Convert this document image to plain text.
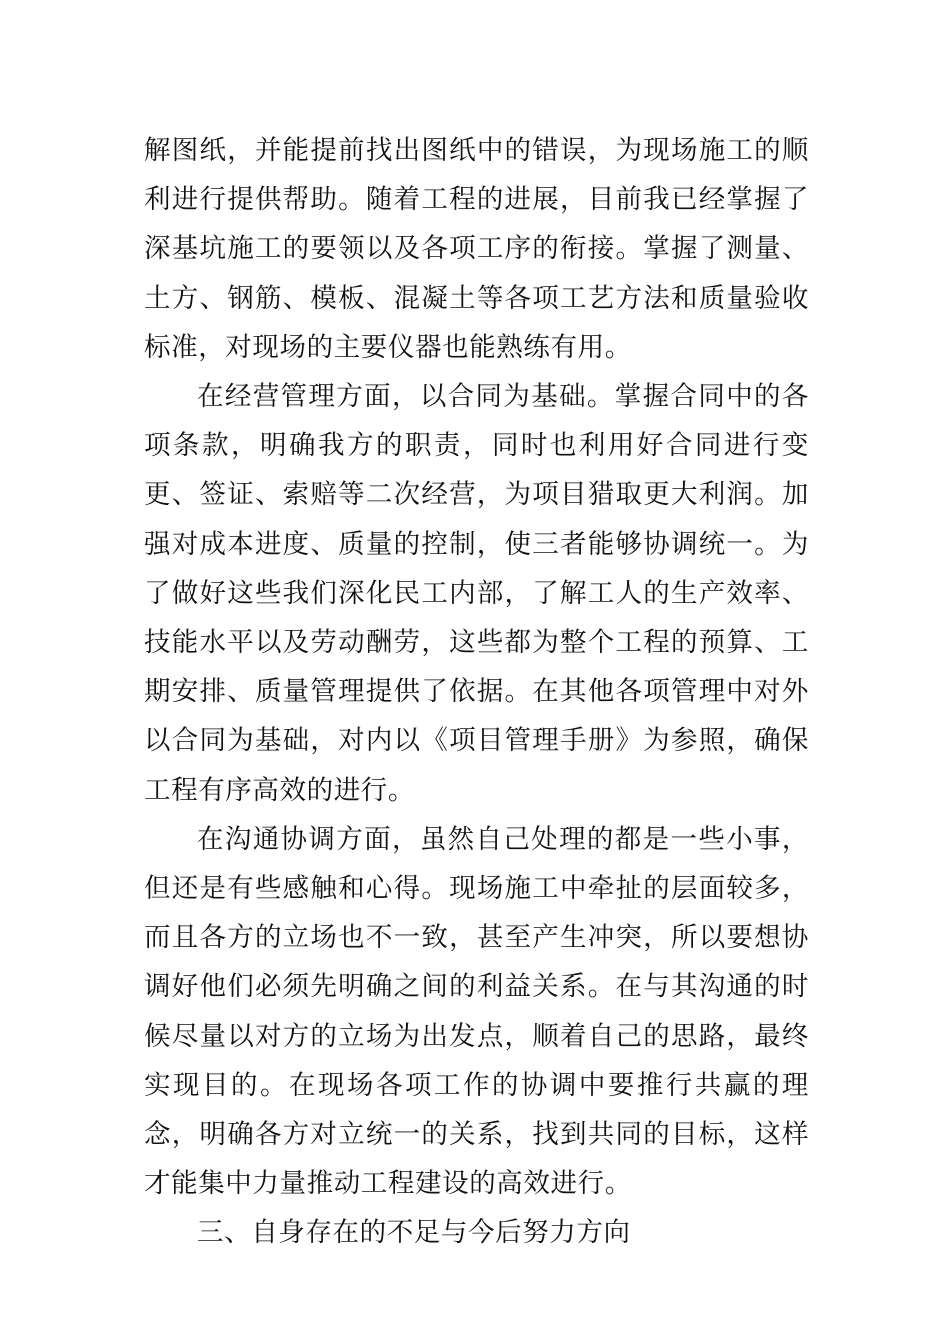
解图纸，并能提前找出图纸中的错误，为现场施工的顺利进行提供帮助。随着工程的进展，目前我已经掌握了深基坑施工的要领以及各项工序的衔接。掌握了测量、土方、钢筋、模板、混凝土等各项工艺方法和质量验收标准，对现场的主要仪器也能熟练有用。

在经营管理方面，以合同为基础。掌握合同中的各项条款，明确我方的职责，同时也利用好合同进行变更、签证、索赔等二次经营，为项目猎取更大利润。加强对成本进度、质量的控制，使三者能够协调统一。为了做好这些我们深化民工内部，了解工人的生产效率、技能水平以及劳动酬劳，这些都为整个工程的预算、工期安排、质量管理提供了依据。在其他各项管理中对外以合同为基础，对内以《项目管理手册》为参照，确保工程有序高效的进行。

在沟通协调方面，虽然自己处理的都是一些小事，但还是有些感触和心得。现场施工中牵扯的层面较多，而且各方的立场也不一致，甚至产生冲突，所以要想协调好他们必须先明确之间的利益关系。在与其沟通的时候尽量以对方的立场为出发点，顺着自己的思路，最终实现目的。在现场各项工作的协调中要推行共赢的理念，明确各方对立统一的关系，找到共同的目标，这样才能集中力量推动工程建设的高效进行。

三、自身存在的不足与今后努力方向
